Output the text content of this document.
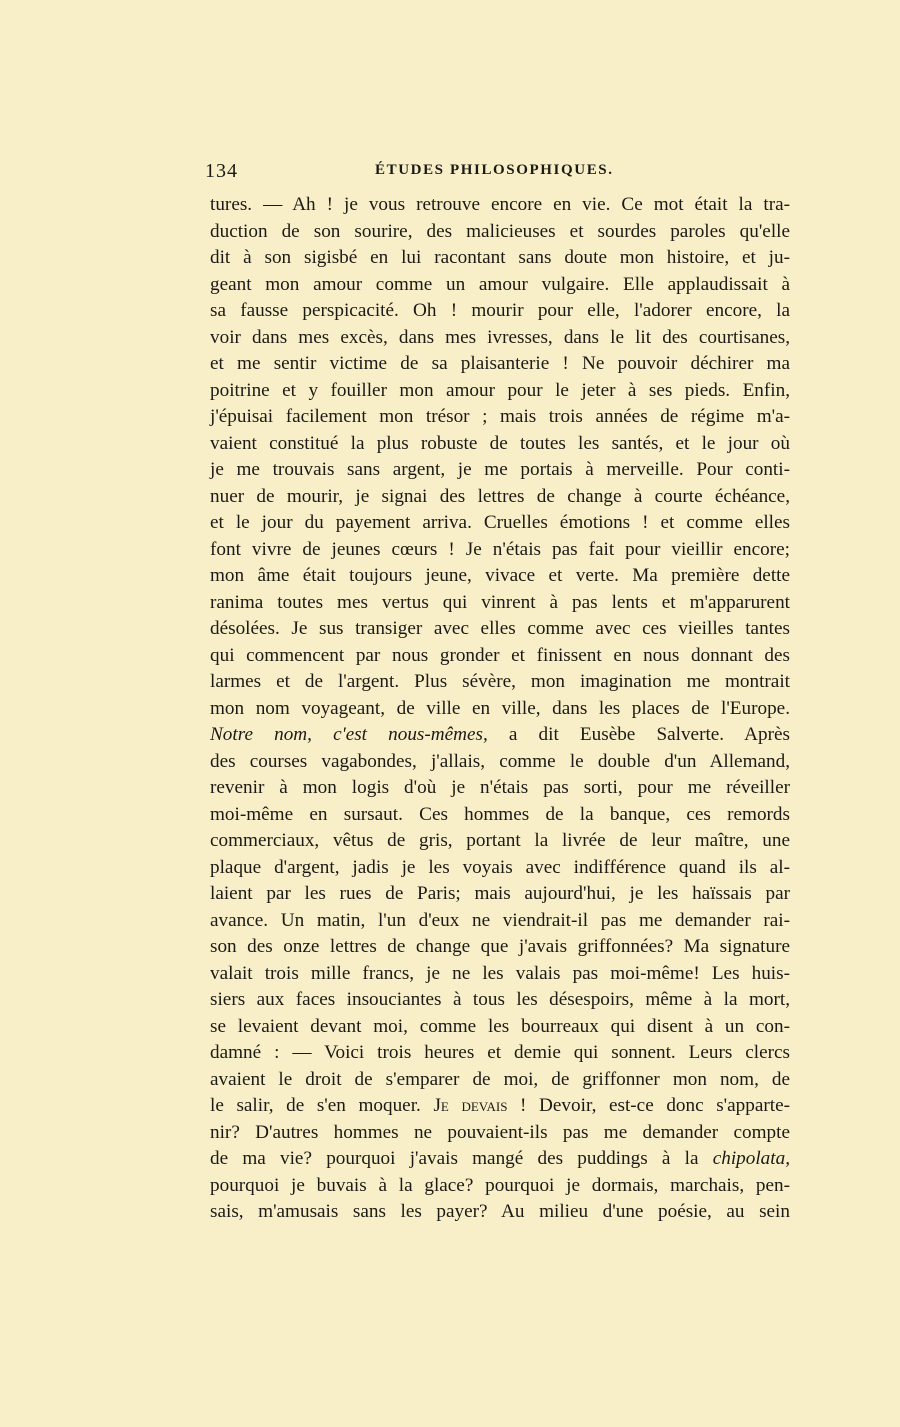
134	ÉTUDES PHILOSOPHIQUES.
tures. — Ah ! je vous retrouve encore en vie. Ce mot était la tra-
duction de son sourire, des malicieuses et sourdes paroles qu'elle
dit à son sigisbé en lui racontant sans doute mon histoire, et ju-
geant mon amour comme un amour vulgaire. Elle applaudissait à
sa fausse perspicacité. Oh ! mourir pour elle, l'adorer encore, la
voir dans mes excès, dans mes ivresses, dans le lit des courtisanes,
et me sentir victime de sa plaisanterie ! Ne pouvoir déchirer ma
poitrine et y fouiller mon amour pour le jeter à ses pieds. Enfin,
j'épuisai facilement mon trésor ; mais trois années de régime m'a-
vaient constitué la plus robuste de toutes les santés, et le jour où
je me trouvais sans argent, je me portais à merveille. Pour conti-
nuer de mourir, je signai des lettres de change à courte échéance,
et le jour du payement arriva. Cruelles émotions ! et comme elles
font vivre de jeunes cœurs ! Je n'étais pas fait pour vieillir encore;
mon âme était toujours jeune, vivace et verte. Ma première dette
ranima toutes mes vertus qui vinrent à pas lents et m'apparurent
désolées. Je sus transiger avec elles comme avec ces vieilles tantes
qui commencent par nous gronder et finissent en nous donnant des
larmes et de l'argent. Plus sévère, mon imagination me montrait
mon nom voyageant, de ville en ville, dans les places de l'Europe.
Notre nom, c'est nous-mêmes, a dit Eusèbe Salverte. Après
des courses vagabondes, j'allais, comme le double d'un Allemand,
revenir à mon logis d'où je n'étais pas sorti, pour me réveiller
moi-même en sursaut. Ces hommes de la banque, ces remords
commerciaux, vêtus de gris, portant la livrée de leur maître, une
plaque d'argent, jadis je les voyais avec indifférence quand ils al-
laient par les rues de Paris; mais aujourd'hui, je les haïssais par
avance. Un matin, l'un d'eux ne viendrait-il pas me demander rai-
son des onze lettres de change que j'avais griffonnées? Ma signature
valait trois mille francs, je ne les valais pas moi-même! Les huis-
siers aux faces insouciantes à tous les désespoirs, même à la mort,
se levaient devant moi, comme les bourreaux qui disent à un con-
damné : — Voici trois heures et demie qui sonnent. Leurs clercs
avaient le droit de s'emparer de moi, de griffonner mon nom, de
le salir, de s'en moquer. Je devais ! Devoir, est-ce donc s'apparte-
nir? D'autres hommes ne pouvaient-ils pas me demander compte
de ma vie? pourquoi j'avais mangé des puddings à la chipolata,
pourquoi je buvais à la glace? pourquoi je dormais, marchais, pen-
sais, m'amusais sans les payer? Au milieu d'une poésie, au sein
